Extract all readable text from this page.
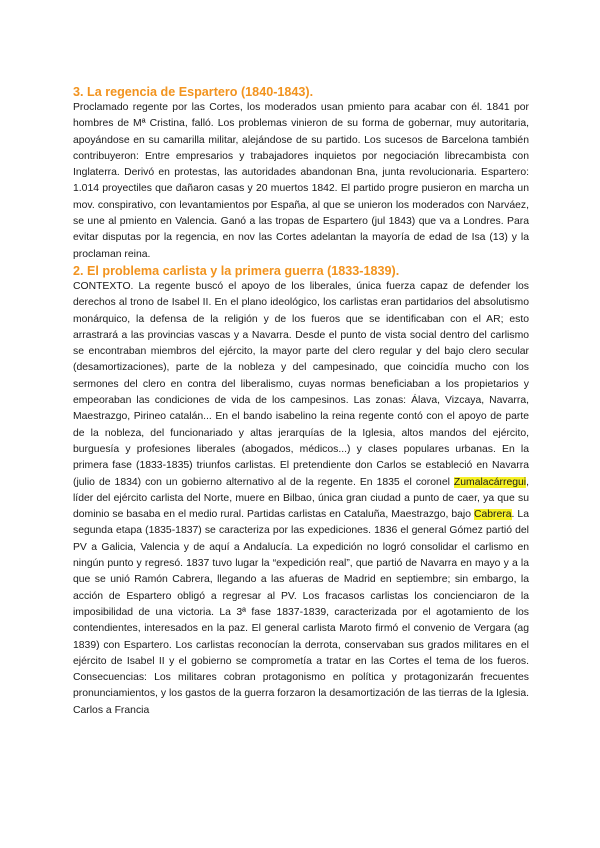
3. La regencia de Espartero (1840-1843).

Proclamado regente por las Cortes, los moderados usan pmiento para acabar con él. 1841 por hombres de Mª Cristina, falló. Los problemas vinieron de su forma de gobernar, muy autoritaria, apoyándose en su camarilla militar, alejándose de su partido. Los sucesos de Barcelona también contribuyeron: Entre empresarios y trabajadores inquietos por negociación librecambista con Inglaterra. Derivó en protestas, las autoridades abandonan Bna, junta revolucionaria. Espartero: 1.014 proyectiles que dañaron casas y 20 muertos 1842. El partido progre pusieron en marcha un mov. conspirativo, con levantamientos por España, al que se unieron los moderados con Narváez, se une al pmiento en Valencia. Ganó a las tropas de Espartero (jul 1843) que va a Londres. Para evitar disputas por la regencia, en nov las Cortes adelantan la mayoría de edad de Isa (13) y la proclaman reina.

2. El problema carlista y la primera guerra (1833-1839).

CONTEXTO. La regente buscó el apoyo de los liberales, única fuerza capaz de defender los derechos al trono de Isabel II. En el plano ideológico, los carlistas eran partidarios del absolutismo monárquico, la defensa de la religión y de los fueros que se identificaban con el AR; esto arrastrará a las provincias vascas y a Navarra. Desde el punto de vista social dentro del carlismo se encontraban miembros del ejército, la mayor parte del clero regular y del bajo clero secular (desamortizaciones), parte de la nobleza y del campesinado, que coincidía mucho con los sermones del clero en contra del liberalismo, cuyas normas beneficiaban a los propietarios y empeoraban las condiciones de vida de los campesinos. Las zonas: Álava, Vizcaya, Navarra, Maestrazgo, Pirineo catalán... En el bando isabelino la reina regente contó con el apoyo de parte de la nobleza, del funcionariado y altas jerarquías de la Iglesia, altos mandos del ejército, burguesía y profesiones liberales (abogados, médicos...) y clases populares urbanas. En la primera fase (1833-1835) triunfos carlistas. El pretendiente don Carlos se estableció en Navarra (julio de 1834) con un gobierno alternativo al de la regente. En 1835 el coronel Zumalacárregui, líder del ejército carlista del Norte, muere en Bilbao, única gran ciudad a punto de caer, ya que su dominio se basaba en el medio rural. Partidas carlistas en Cataluña, Maestrazgo, bajo Cabrera. La segunda etapa (1835-1837) se caracteriza por las expediciones. 1836 el general Gómez partió del PV a Galicia, Valencia y de aquí a Andalucía. La expedición no logró consolidar el carlismo en ningún punto y regresó. 1837 tuvo lugar la “expedición real”, que partió de Navarra en mayo y a la que se unió Ramón Cabrera, llegando a las afueras de Madrid en septiembre; sin embargo, la acción de Espartero obligó a regresar al PV. Los fracasos carlistas los concienciaron de la imposibilidad de una victoria. La 3ª fase 1837-1839, caracterizada por el agotamiento de los contendientes, interesados en la paz. El general carlista Maroto firmó el convenio de Vergara (ag 1839) con Espartero. Los carlistas reconocían la derrota, conservaban sus grados militares en el ejército de Isabel II y el gobierno se comprometía a tratar en las Cortes el tema de los fueros. Consecuencias: Los militares cobran protagonismo en política y protagonizarán frecuentes pronunciamientos, y los gastos de la guerra forzaron la desamortización de las tierras de la Iglesia. Carlos a Francia
